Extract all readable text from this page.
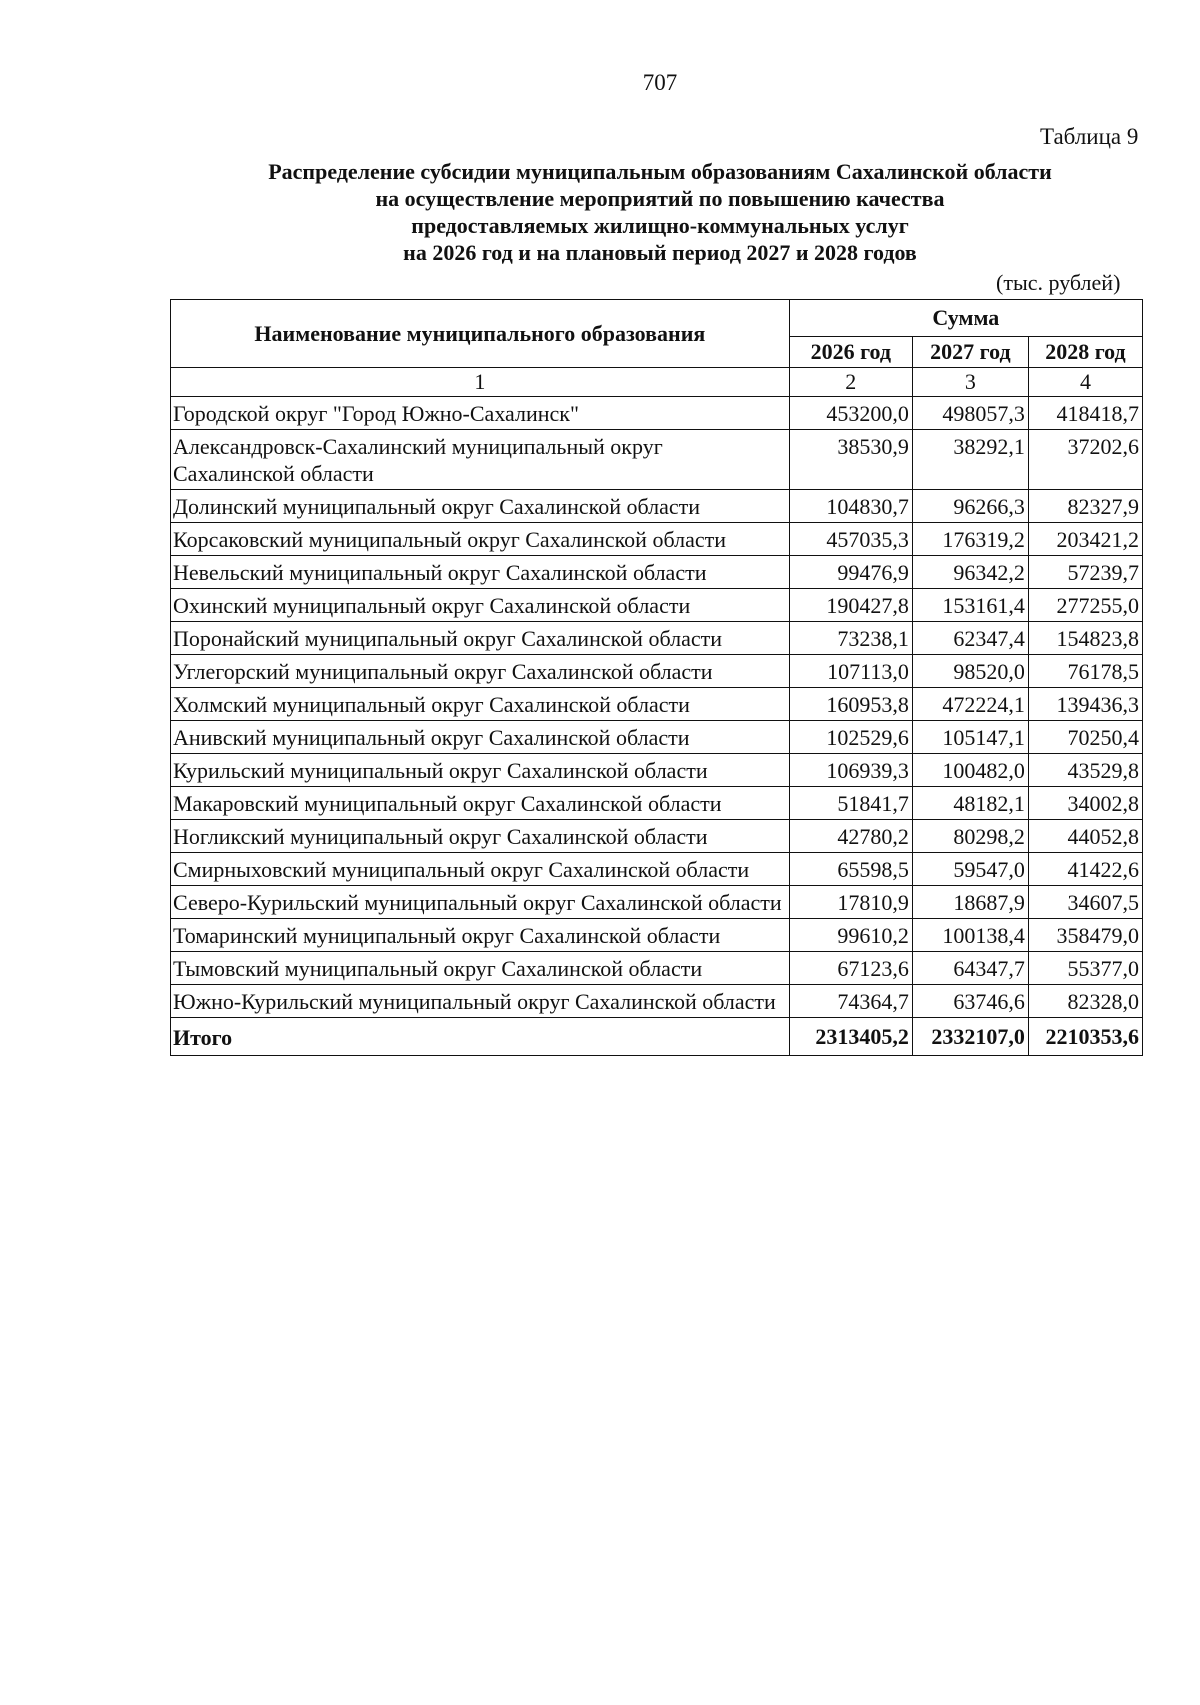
707
Таблица 9
Распределение субсидии муниципальным образованиям Сахалинской области
на осуществление мероприятий по повышению качества
предоставляемых жилищно-коммунальных услуг
на 2026 год и на плановый период 2027 и 2028 годов
(тыс. рублей)
Наименование муниципального образования	Сумма		
	2026 год	2027 год	2028 год
1	2	3	4
Городской округ "Город Южно-Сахалинск"	453200,0	498057,3	418418,7
Александровск-Сахалинский муниципальный округ Сахалинской области	38530,9	38292,1	37202,6
Долинский муниципальный округ Сахалинской области	104830,7	96266,3	82327,9
Корсаковский муниципальный округ Сахалинской области	457035,3	176319,2	203421,2
Невельский муниципальный округ Сахалинской области	99476,9	96342,2	57239,7
Охинский муниципальный округ Сахалинской области	190427,8	153161,4	277255,0
Поронайский муниципальный округ Сахалинской области	73238,1	62347,4	154823,8
Углегорский муниципальный округ Сахалинской области	107113,0	98520,0	76178,5
Холмский муниципальный округ Сахалинской области	160953,8	472224,1	139436,3
Анивский муниципальный округ Сахалинской области	102529,6	105147,1	70250,4
Курильский муниципальный округ Сахалинской области	106939,3	100482,0	43529,8
Макаровский муниципальный округ Сахалинской области	51841,7	48182,1	34002,8
Ногликский муниципальный округ Сахалинской области	42780,2	80298,2	44052,8
Смирныховский муниципальный округ Сахалинской области	65598,5	59547,0	41422,6
Северо-Курильский муниципальный округ Сахалинской области	17810,9	18687,9	34607,5
Томаринский муниципальный округ Сахалинской области	99610,2	100138,4	358479,0
Тымовский муниципальный округ Сахалинской области	67123,6	64347,7	55377,0
Южно-Курильский муниципальный округ Сахалинской области	74364,7	63746,6	82328,0
Итого	2313405,2	2332107,0	2210353,6
